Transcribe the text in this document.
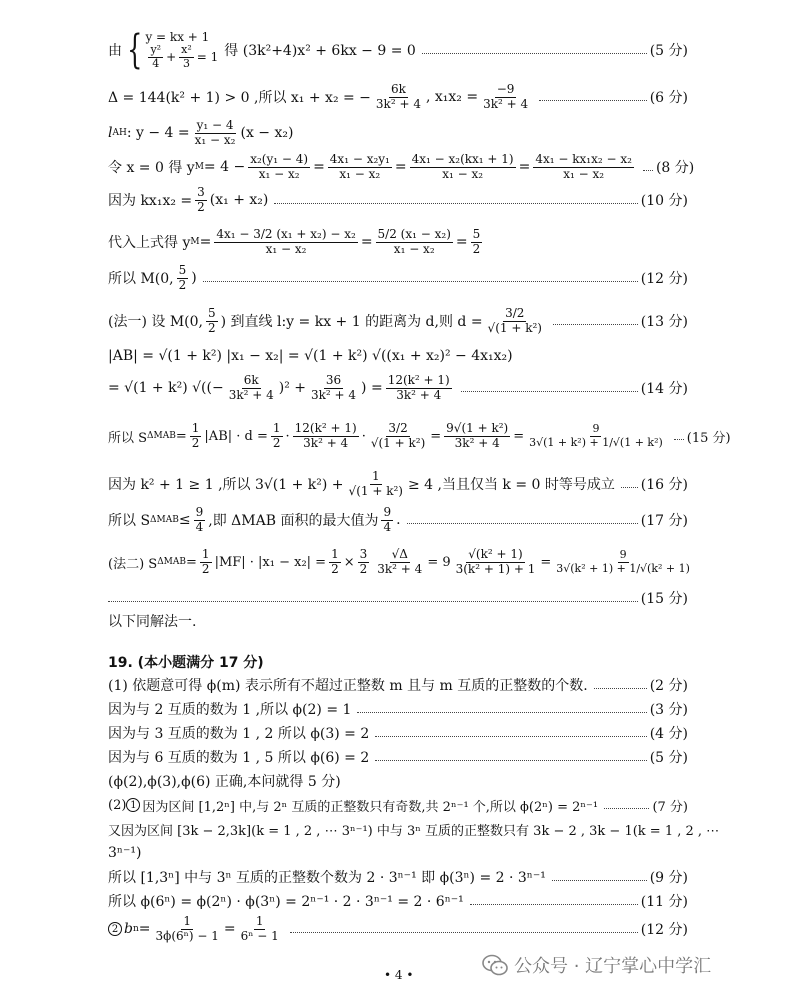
由 { y = kx + 1
$\frac{\text{y²}}{4} + \frac{\text{x²}}{3} = 1$ 得 (3k²+4)x² + 6kx − 9 = 0	(5 分)
Δ = 144(k² + 1) > 0 ,所以 x₁ + x₂ = − $\frac{6k}{\text{3k² + 4}}$ , $x_1x_2 = \frac{-9}{\text{3k² + 4}}$	(6 分)
l AH : $y - 4 = \frac{\text{y₁ − 4}}{\text{x₁ − x₂}} (x - x_2)$
令 x = 0 得 y $M = 4 - \frac{\text{x₂(y₁ − 4)}}{\text{x₁ − x₂}} = \frac{\text{4x₁ − x₂y₁}}{\text{x₁ − x₂}} = \frac{\text{4x₁ − x₂(kx₁ + 1)}}{\text{x₁ − x₂}} = \frac{\text{4x₁ − kx₁x₂ − x₂}}{\text{x₁ − x₂}} (8$ 分)
因为 $kx_1x_2 = \frac{3}{2} (x_1 + x_2)$	(10 分)
代入上式得 y $M = \frac{\text{4x₁ − 3/2 (x₁ + x₂) − x₂}}{\text{x₁ − x₂}} = \frac{\text{5/2 (x₁ − x₂)}}{\text{x₁ − x₂}} = \frac{5}{2}$
所以 M(0, $\frac{5}{2}$ )	(12 分)
(法一) 设 M(0, $\frac{5}{2}$ ) 到直线 l:y = kx + 1 的距离为 d,则 $d = \frac{3/2}{\text{√(1 + k²)}}$	(13 分)
|AB| = √(1 + k²) |x₁ − x₂| = √(1 + k²) √((x₁ + x₂)² − 4x₁x₂)
= √(1 + k²) √((− $\frac{6k}{\text{3k² + 4}} )^2 + \frac{36}{\text{3k² + 4}}$ ) = $\frac{\text{12(k² + 1)}}{\text{3k² + 4}}$	(14 分)
所以 S $\Delta MAB = \frac{1}{2} |AB| \cdot d = \frac{1}{2} \cdot \frac{\text{12(k² + 1)}}{\text{3k² + 4}} \cdot \frac{3/2}{\text{√(1 + k²)}} = \frac{\text{9√(1 + k²)}}{\text{3k² + 4}} = \frac{9}{\text{3√(1 + k²) + 1/√(1 + k²)}} (15$ 分)
因为 k² + 1 ≥ 1 ,所以 $3√(1 + k^2) + \frac{1}{\text{√(1 + k²)}} \ge 4$ ,当且仅当 k = 0 时等号成立 (16 分)
所以 S $\Delta MAB \le \frac{9}{4}$ ,即 ΔMAB 面积的最大值为 $\frac{9}{4}$ .	(17 分)
(法二) S $\Delta MAB = \frac{1}{2} |MF| \cdot |x_1 - x_2| = \frac{1}{2} \times \frac{3}{2} \frac{√\Delta}{\text{3k² + 4}} = 9 \frac{\text{√(k² + 1)}}{\text{3(k² + 1) + 1}} = \frac{9}{\text{3√(k² + 1) + 1/√(k² + 1)}}$
(15 分)
以下同解法一.
19. (本小题满分 17 分)
(1) 依题意可得 ϕ(m) 表示所有不超过正整数 m 且与 m 互质的正整数的个数.	(2 分)
因为与 2 互质的数为 1 ,所以 ϕ(2) = 1	(3 分)
因为与 3 互质的数为 1 , 2 所以 ϕ(3) = 2	(4 分)
因为与 6 互质的数为 1 , 5 所以 ϕ(6) = 2	(5 分)
(ϕ(2),ϕ(3),ϕ(6) 正确,本问就得 5 分)
(2) 1 因为区间 [1,2ⁿ] 中,与 2ⁿ 互质的正整数只有奇数,共 2ⁿ⁻¹ 个,所以 ϕ(2ⁿ) = 2ⁿ⁻¹	(7 分)
又因为区间 [3k − 2,3k](k = 1 , 2 , ⋯ 3ⁿ⁻¹) 中与 3ⁿ 互质的正整数只有 3k − 2 , 3k − 1(k = 1 , 2 , ⋯
3ⁿ⁻¹)
所以 [1,3ⁿ] 中与 3ⁿ 互质的正整数个数为 2 · 3ⁿ⁻¹ 即 ϕ(3ⁿ) = 2 · 3ⁿ⁻¹	(9 分)
所以 ϕ(6ⁿ) = ϕ(2ⁿ) · ϕ(3ⁿ) = 2ⁿ⁻¹ · 2 · 3ⁿ⁻¹ = 2 · 6ⁿ⁻¹	(11 分)
2 b $n = \frac{1}{\text{3ϕ(6ⁿ) − 1}} = \frac{1}{\text{6ⁿ − 1}}$	(12 分)
公众号 · 辽宁掌心中学汇
• 4 •
